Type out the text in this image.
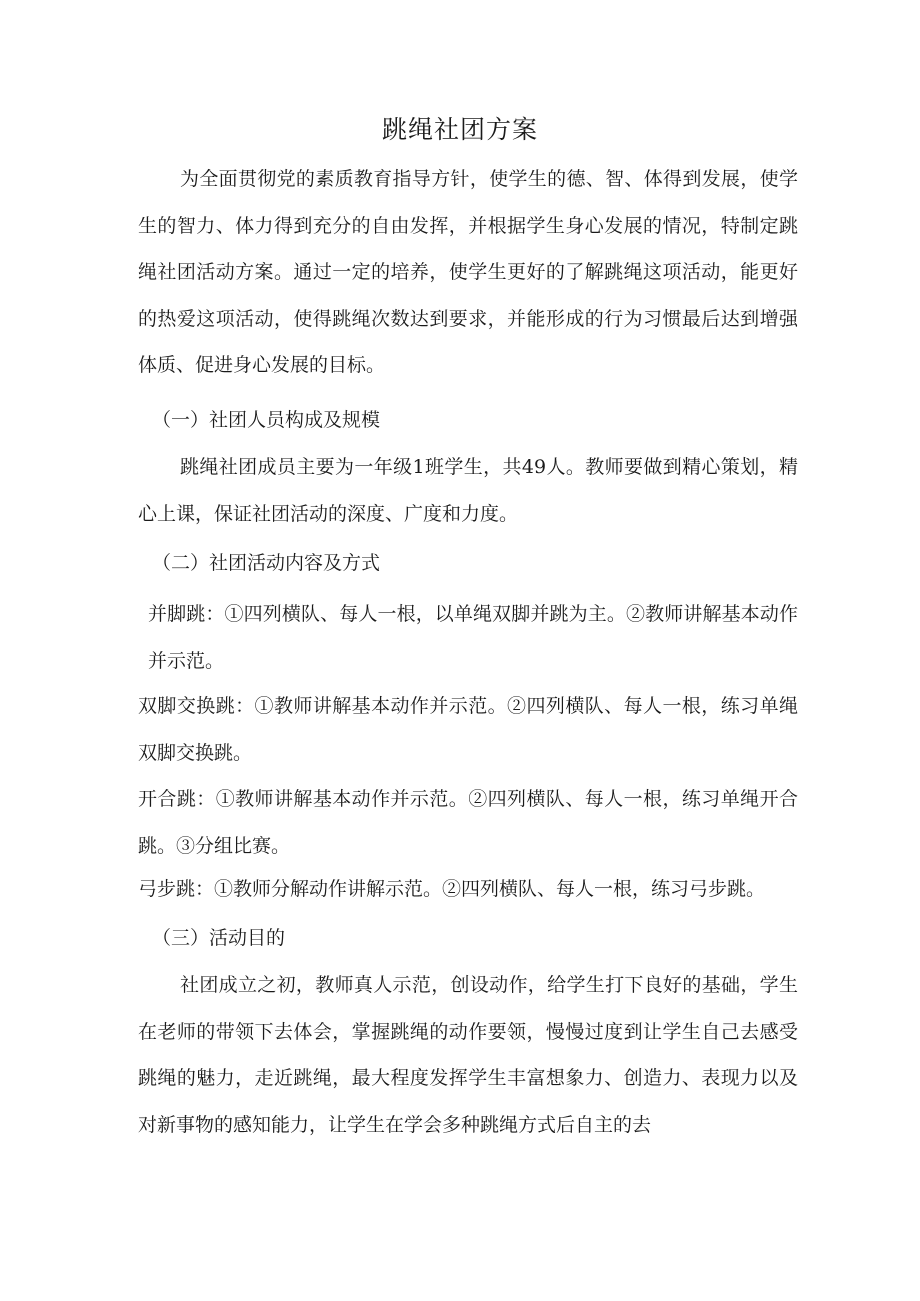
跳绳社团方案

为全面贯彻党的素质教育指导方针，使学生的德、智、体得到发展，使学生的智力、体力得到充分的自由发挥，并根据学生身心发展的情况，特制定跳绳社团活动方案。通过一定的培养，使学生更好的了解跳绳这项活动，能更好的热爱这项活动，使得跳绳次数达到要求，并能形成的行为习惯最后达到增强体质、促进身心发展的目标。

（一）社团人员构成及规模

跳绳社团成员主要为一年级1班学生，共49人。教师要做到精心策划，精心上课，保证社团活动的深度、广度和力度。

（二）社团活动内容及方式

并脚跳：①四列横队、每人一根，以单绳双脚并跳为主。②教师讲解基本动作并示范。

双脚交换跳：①教师讲解基本动作并示范。②四列横队、每人一根，练习单绳双脚交换跳。

开合跳：①教师讲解基本动作并示范。②四列横队、每人一根，练习单绳开合跳。③分组比赛。

弓步跳：①教师分解动作讲解示范。②四列横队、每人一根，练习弓步跳。

（三）活动目的

社团成立之初，教师真人示范，创设动作，给学生打下良好的基础，学生在老师的带领下去体会，掌握跳绳的动作要领，慢慢过度到让学生自己去感受跳绳的魅力，走近跳绳，最大程度发挥学生丰富想象力、创造力、表现力以及对新事物的感知能力，让学生在学会多种跳绳方式后自主的去
